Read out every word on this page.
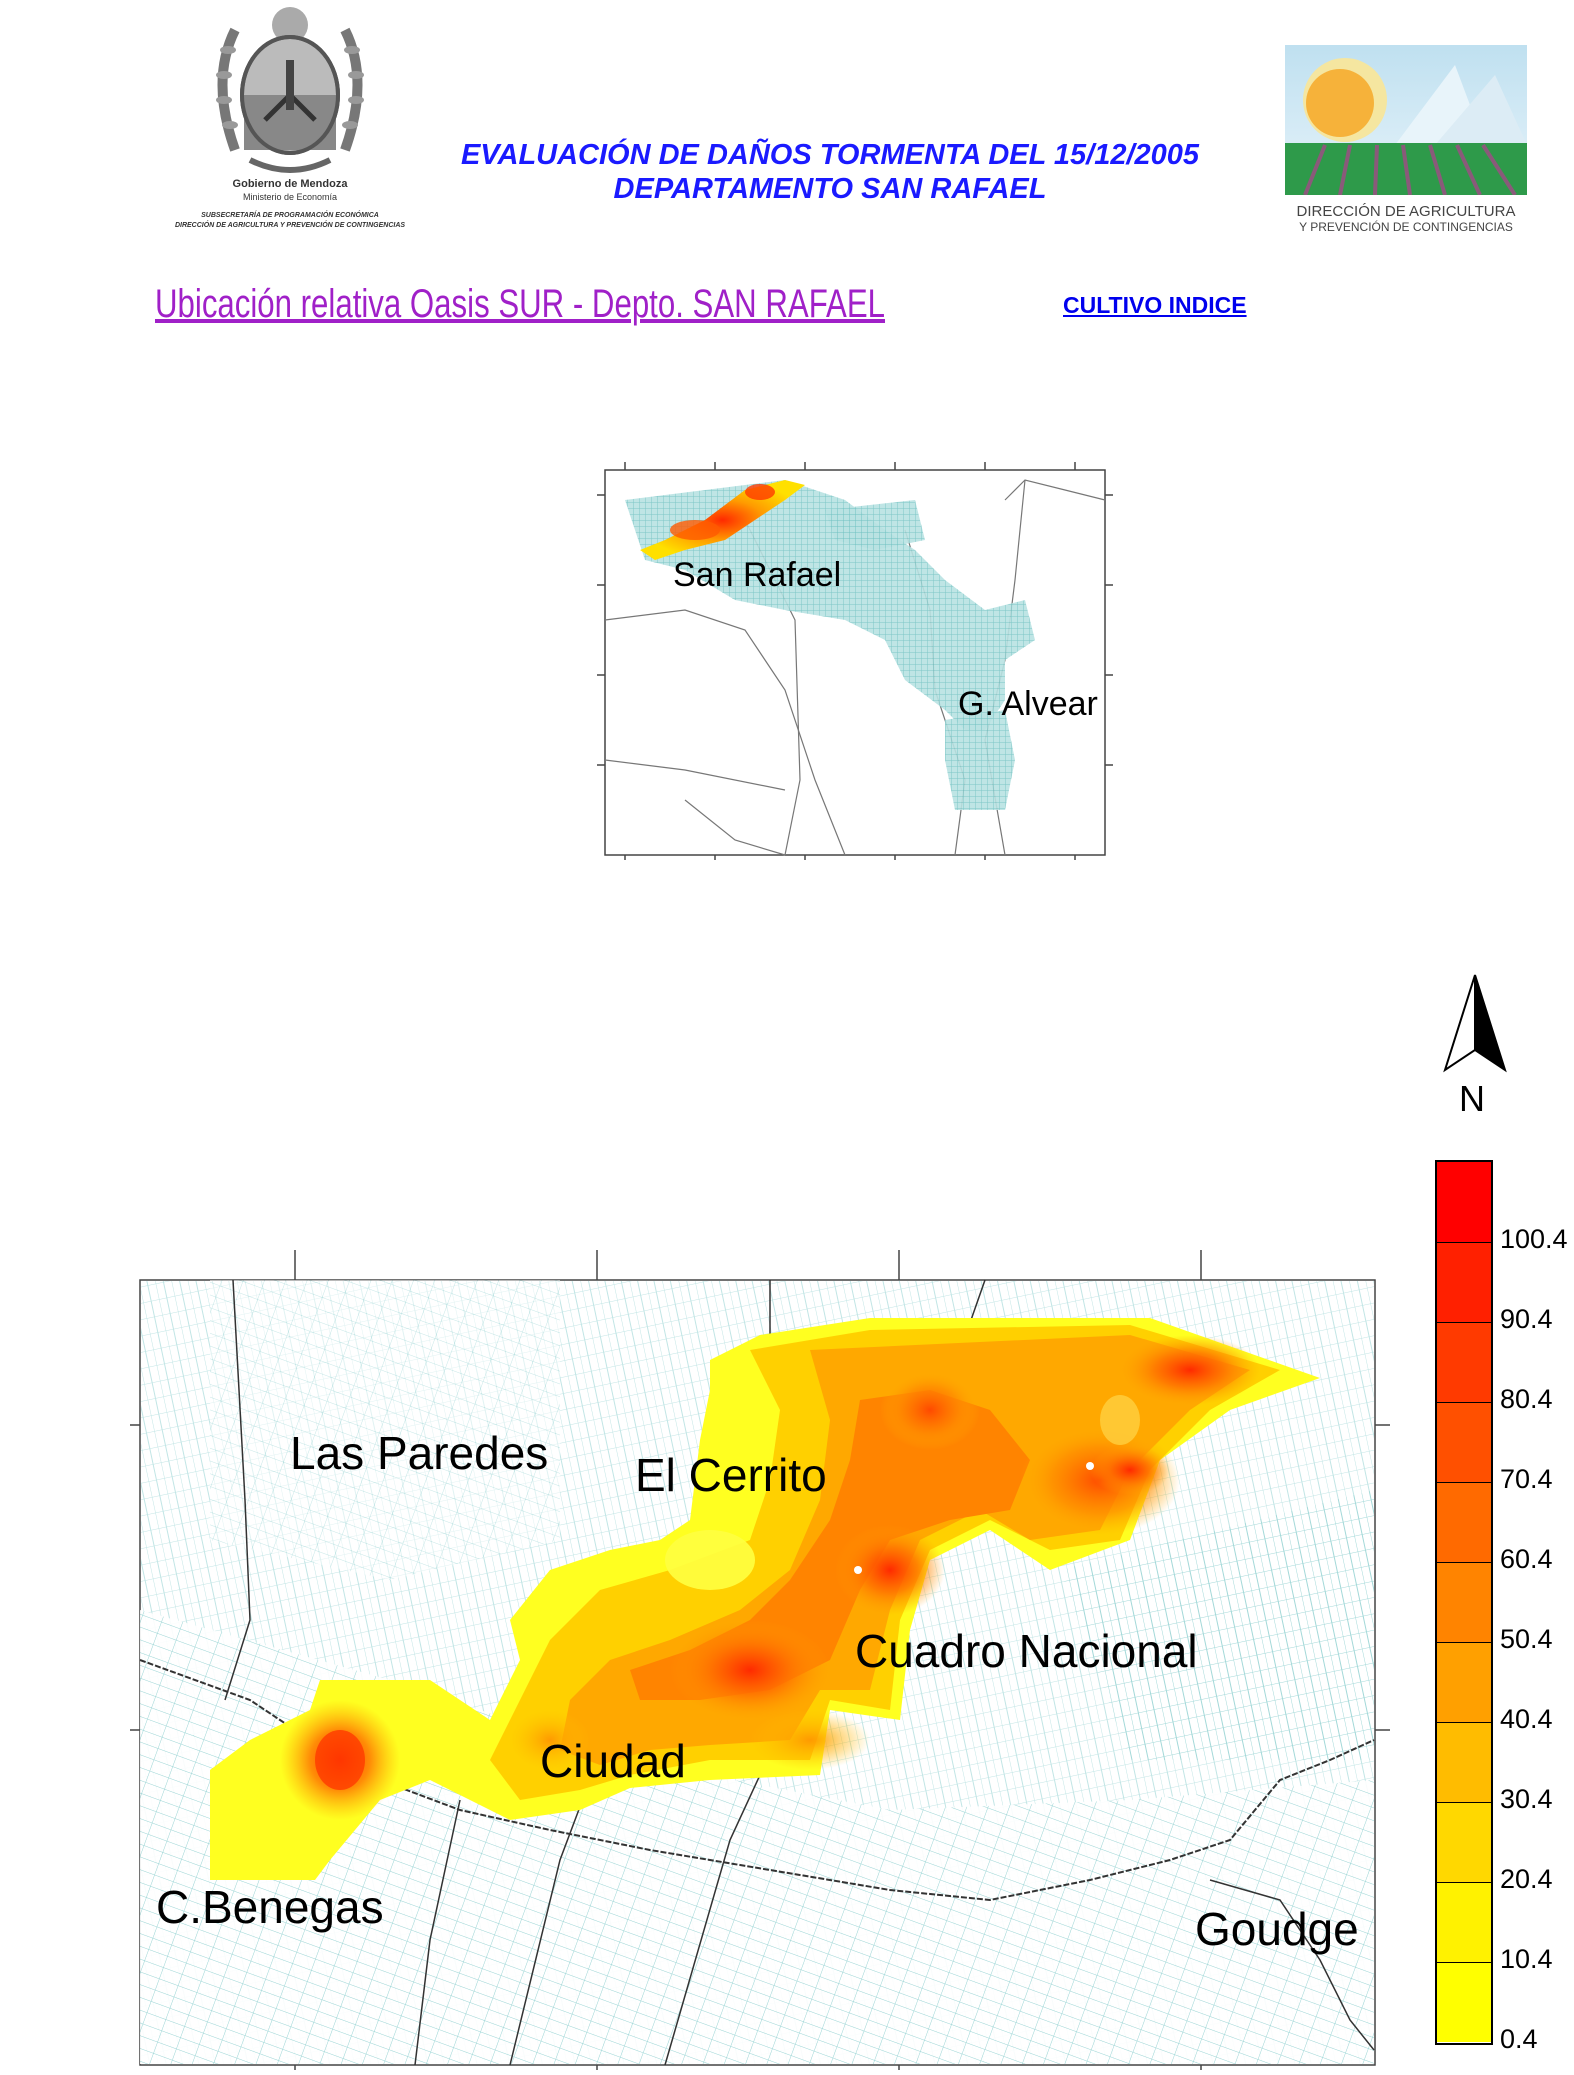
Gobierno de Mendoza
Ministerio de Economía
SUBSECRETARÍA DE PROGRAMACIÓN ECONÓMICA
DIRECCIÓN DE AGRICULTURA Y PREVENCIÓN DE CONTINGENCIAS
EVALUACIÓN DE DAÑOS TORMENTA DEL 15/12/2005
DEPARTAMENTO SAN RAFAEL
DIRECCIÓN DE AGRICULTURA
Y PREVENCIÓN DE CONTINGENCIAS
Ubicación relativa Oasis SUR - Depto. SAN RAFAEL	CULTIVO INDICE
San Rafael
G. Alvear
N
Las Paredes El Cerrito
Cuadro Nacional
Ciudad
C.Benegas	Goudge
100.4
90.4
80.4
70.4
60.4
50.4
40.4
30.4
20.4
10.4
0.4
